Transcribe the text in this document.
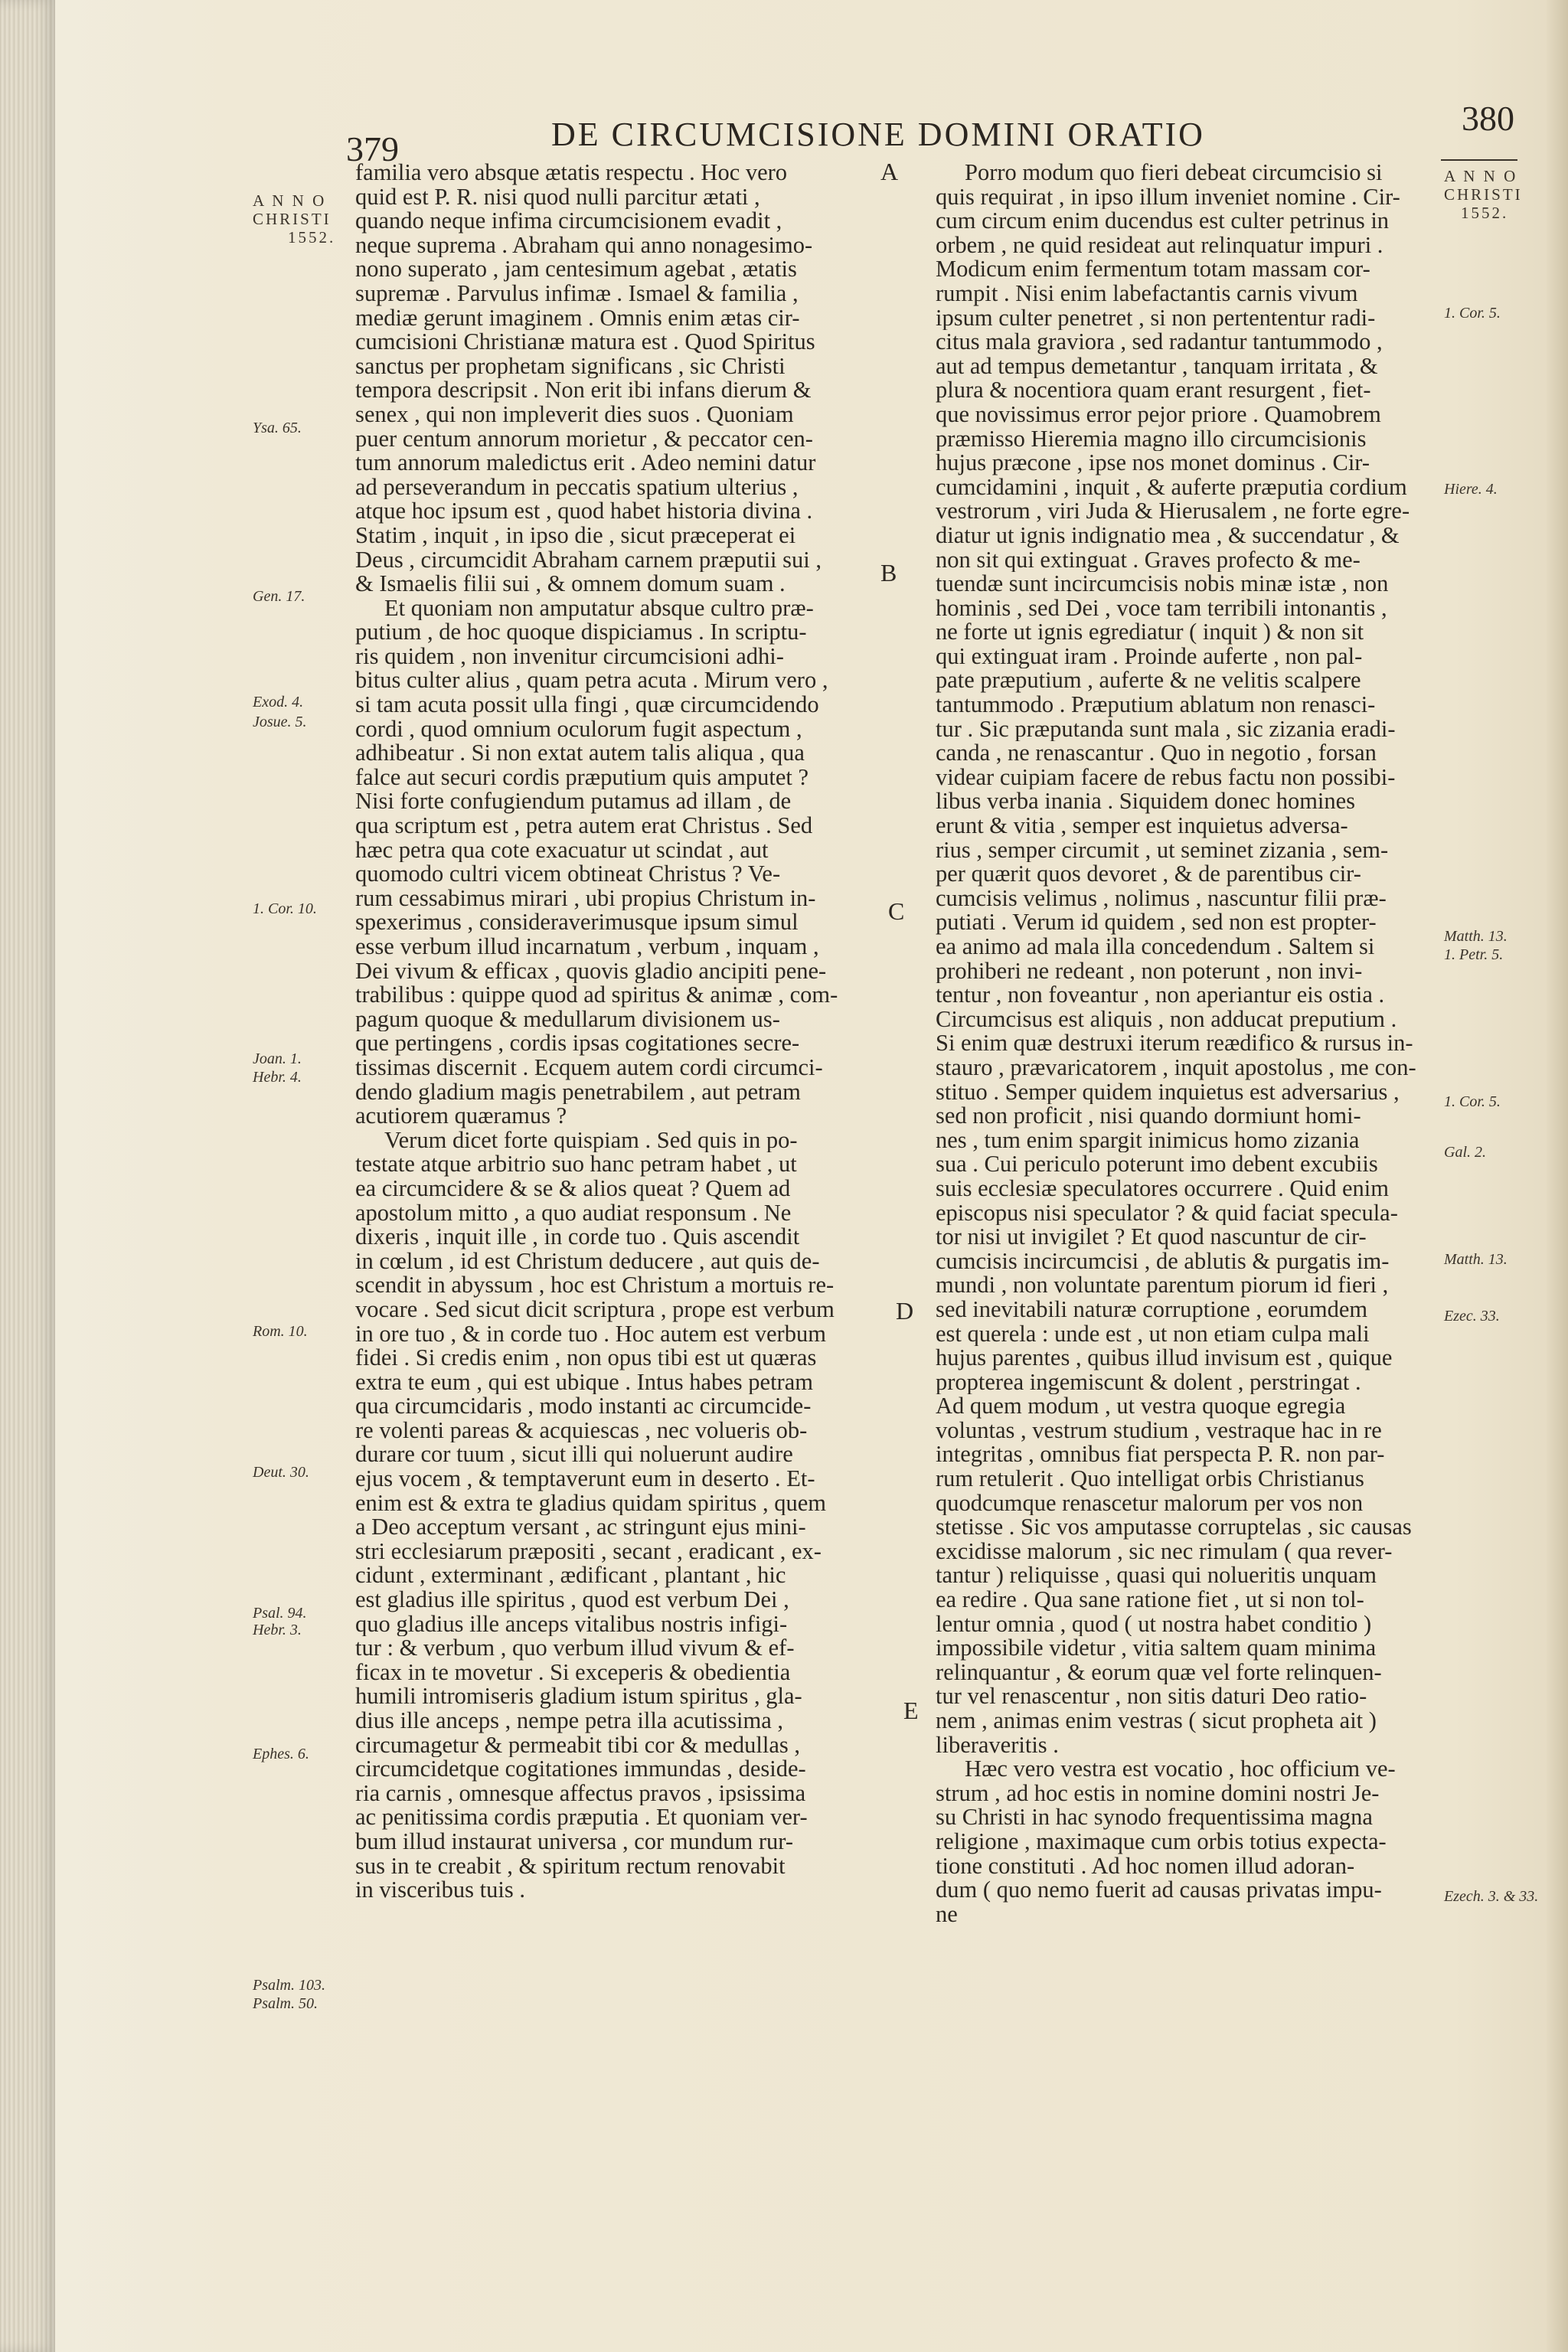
379	DE CIRCUMCISIONE DOMINI ORATIO	380
A N N O
CHRISTI
1552.
A N N O
CHRISTI
1552.
Ysa. 65.
Gen. 17.
Exod. 4.
Josue. 5.
1. Cor. 10.
Joan. 1.
Hebr. 4.
Rom. 10.
Deut. 30.
Psal. 94.
Hebr. 3.
Ephes. 6.
Psalm. 103.
Psalm. 50.
1. Cor. 5.
Hiere. 4.
Matth. 13.
1. Petr. 5.
1. Cor. 5.
Gal. 2.
Matth. 13.
Ezec. 33.
Ezech. 3. & 33.
A
B
C
D
E
familia vero absque ætatis respectu . Hoc vero
quid est P. R. nisi quod nulli parcitur ætati ,
quando neque infima circumcisionem evadit ,
neque suprema . Abraham qui anno nonagesimo-
nono superato , jam centesimum agebat , ætatis
supremæ . Parvulus infimæ . Ismael & familia ,
mediæ gerunt imaginem . Omnis enim ætas cir-
cumcisioni Christianæ matura est . Quod Spiritus
sanctus per prophetam significans , sic Christi
tempora descripsit . Non erit ibi infans dierum &
senex , qui non impleverit dies suos . Quoniam
puer centum annorum morietur , & peccator cen-
tum annorum maledictus erit . Adeo nemini datur
ad perseverandum in peccatis spatium ulterius ,
atque hoc ipsum est , quod habet historia divina .
Statim , inquit , in ipso die , sicut præceperat ei
Deus , circumcidit Abraham carnem præputii sui ,
& Ismaelis filii sui , & omnem domum suam .
Et quoniam non amputatur absque cultro præ-
putium , de hoc quoque dispiciamus . In scriptu-
ris quidem , non invenitur circumcisioni adhi-
bitus culter alius , quam petra acuta . Mirum vero ,
si tam acuta possit ulla fingi , quæ circumcidendo
cordi , quod omnium oculorum fugit aspectum ,
adhibeatur . Si non extat autem talis aliqua , qua
falce aut securi cordis præputium quis amputet ?
Nisi forte confugiendum putamus ad illam , de
qua scriptum est , petra autem erat Christus . Sed
hæc petra qua cote exacuatur ut scindat , aut
quomodo cultri vicem obtineat Christus ? Ve-
rum cessabimus mirari , ubi propius Christum in-
spexerimus , consideraverimusque ipsum simul
esse verbum illud incarnatum , verbum , inquam ,
Dei vivum & efficax , quovis gladio ancipiti pene-
trabilibus : quippe quod ad spiritus & animæ , com-
pagum quoque & medullarum divisionem us-
que pertingens , cordis ipsas cogitationes secre-
tissimas discernit . Ecquem autem cordi circumci-
dendo gladium magis penetrabilem , aut petram
acutiorem quæramus ?
Verum dicet forte quispiam . Sed quis in po-
testate atque arbitrio suo hanc petram habet , ut
ea circumcidere & se & alios queat ? Quem ad
apostolum mitto , a quo audiat responsum . Ne
dixeris , inquit ille , in corde tuo . Quis ascendit
in cœlum , id est Christum deducere , aut quis de-
scendit in abyssum , hoc est Christum a mortuis re-
vocare . Sed sicut dicit scriptura , prope est verbum
in ore tuo , & in corde tuo . Hoc autem est verbum
fidei . Si credis enim , non opus tibi est ut quæras
extra te eum , qui est ubique . Intus habes petram
qua circumcidaris , modo instanti ac circumcide-
re volenti pareas & acquiescas , nec volueris ob-
durare cor tuum , sicut illi qui noluerunt audire
ejus vocem , & temptaverunt eum in deserto . Et-
enim est & extra te gladius quidam spiritus , quem
a Deo acceptum versant , ac stringunt ejus mini-
stri ecclesiarum præpositi , secant , eradicant , ex-
cidunt , exterminant , ædificant , plantant , hic
est gladius ille spiritus , quod est verbum Dei ,
quo gladius ille anceps vitalibus nostris infigi-
tur : & verbum , quo verbum illud vivum & ef-
ficax in te movetur . Si exceperis & obedientia
humili intromiseris gladium istum spiritus , gla-
dius ille anceps , nempe petra illa acutissima ,
circumagetur & permeabit tibi cor & medullas ,
circumcidetque cogitationes immundas , deside-
ria carnis , omnesque affectus pravos , ipsissima
ac penitissima cordis præputia . Et quoniam ver-
bum illud instaurat universa , cor mundum rur-
sus in te creabit , & spiritum rectum renovabit
in visceribus tuis .
Porro modum quo fieri debeat circumcisio si
quis requirat , in ipso illum inveniet nomine . Cir-
cum circum enim ducendus est culter petrinus in
orbem , ne quid resideat aut relinquatur impuri .
Modicum enim fermentum totam massam cor-
rumpit . Nisi enim labefactantis carnis vivum
ipsum culter penetret , si non pertententur radi-
citus mala graviora , sed radantur tantummodo ,
aut ad tempus demetantur , tanquam irritata , &
plura & nocentiora quam erant resurgent , fiet-
que novissimus error pejor priore . Quamobrem
præmisso Hieremia magno illo circumcisionis
hujus præcone , ipse nos monet dominus . Cir-
cumcidamini , inquit , & auferte præputia cordium
vestrorum , viri Juda & Hierusalem , ne forte egre-
diatur ut ignis indignatio mea , & succendatur , &
non sit qui extinguat . Graves profecto & me-
tuendæ sunt incircumcisis nobis minæ istæ , non
hominis , sed Dei , voce tam terribili intonantis ,
ne forte ut ignis egrediatur ( inquit ) & non sit
qui extinguat iram . Proinde auferte , non pal-
pate præputium , auferte & ne velitis scalpere
tantummodo . Præputium ablatum non renasci-
tur . Sic præputanda sunt mala , sic zizania eradi-
canda , ne renascantur . Quo in negotio , forsan
videar cuipiam facere de rebus factu non possibi-
libus verba inania . Siquidem donec homines
erunt & vitia , semper est inquietus adversa-
rius , semper circumit , ut seminet zizania , sem-
per quærit quos devoret , & de parentibus cir-
cumcisis velimus , nolimus , nascuntur filii præ-
putiati . Verum id quidem , sed non est propter-
ea animo ad mala illa concedendum . Saltem si
prohiberi ne redeant , non poterunt , non invi-
tentur , non foveantur , non aperiantur eis ostia .
Circumcisus est aliquis , non adducat preputium .
Si enim quæ destruxi iterum reædifico & rursus in-
stauro , prævaricatorem , inquit apostolus , me con-
stituo . Semper quidem inquietus est adversarius ,
sed non proficit , nisi quando dormiunt homi-
nes , tum enim spargit inimicus homo zizania
sua . Cui periculo poterunt imo debent excubiis
suis ecclesiæ speculatores occurrere . Quid enim
episcopus nisi speculator ? & quid faciat specula-
tor nisi ut invigilet ? Et quod nascuntur de cir-
cumcisis incircumcisi , de ablutis & purgatis im-
mundi , non voluntate parentum piorum id fieri ,
sed inevitabili naturæ corruptione , eorumdem
est querela : unde est , ut non etiam culpa mali
hujus parentes , quibus illud invisum est , quique
propterea ingemiscunt & dolent , perstringat .
Ad quem modum , ut vestra quoque egregia
voluntas , vestrum studium , vestraque hac in re
integritas , omnibus fiat perspecta P. R. non par-
rum retulerit . Quo intelligat orbis Christianus
quodcumque renascetur malorum per vos non
stetisse . Sic vos amputasse corruptelas , sic causas
excidisse malorum , sic nec rimulam ( qua rever-
tantur ) reliquisse , quasi qui nolueritis unquam
ea redire . Qua sane ratione fiet , ut si non tol-
lentur omnia , quod ( ut nostra habet conditio )
impossibile videtur , vitia saltem quam minima
relinquantur , & eorum quæ vel forte relinquen-
tur vel renascentur , non sitis daturi Deo ratio-
nem , animas enim vestras ( sicut propheta ait )
liberaveritis .
Hæc vero vestra est vocatio , hoc officium ve-
strum , ad hoc estis in nomine domini nostri Je-
su Christi in hac synodo frequentissima magna
religione , maximaque cum orbis totius expecta-
tione constituti . Ad hoc nomen illud adoran-
dum ( quo nemo fuerit ad causas privatas impu-
ne
